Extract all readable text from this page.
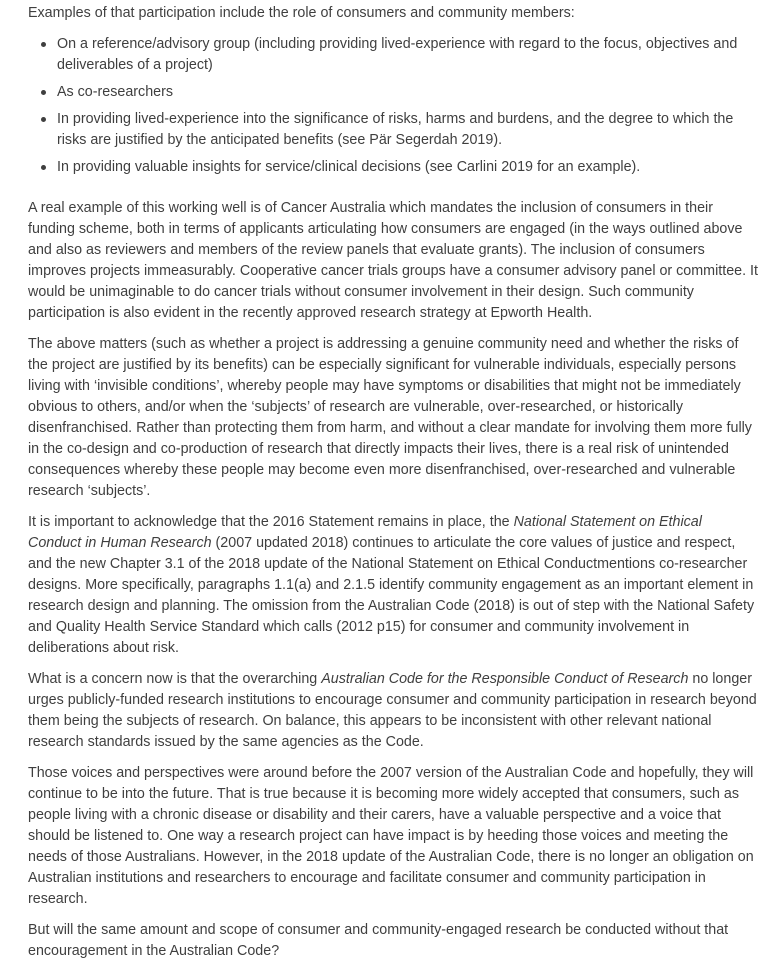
Examples of that participation include the role of consumers and community members:

On a reference/advisory group (including providing lived-experience with regard to the focus, objectives and deliverables of a project)
As co-researchers
In providing lived-experience into the significance of risks, harms and burdens, and the degree to which the risks are justified by the anticipated benefits (see Pär Segerdah 2019).
In providing valuable insights for service/clinical decisions (see Carlini 2019 for an example).

A real example of this working well is of Cancer Australia which mandates the inclusion of consumers in their funding scheme, both in terms of applicants articulating how consumers are engaged (in the ways outlined above and also as reviewers and members of the review panels that evaluate grants). The inclusion of consumers improves projects immeasurably. Cooperative cancer trials groups have a consumer advisory panel or committee. It would be unimaginable to do cancer trials without consumer involvement in their design. Such community participation is also evident in the recently approved research strategy at Epworth Health.

The above matters (such as whether a project is addressing a genuine community need and whether the risks of the project are justified by its benefits) can be especially significant for vulnerable individuals, especially persons living with ‘invisible conditions’, whereby people may have symptoms or disabilities that might not be immediately obvious to others, and/or when the ‘subjects’ of research are vulnerable, over-researched, or historically disenfranchised. Rather than protecting them from harm, and without a clear mandate for involving them more fully in the co-design and co-production of research that directly impacts their lives, there is a real risk of unintended consequences whereby these people may become even more disenfranchised, over-researched and vulnerable research ‘subjects’.

It is important to acknowledge that the 2016 Statement remains in place, the National Statement on Ethical Conduct in Human Research (2007 updated 2018) continues to articulate the core values of justice and respect, and the new Chapter 3.1 of the 2018 update of the National Statement on Ethical Conductmentions co-researcher designs. More specifically, paragraphs 1.1(a) and 2.1.5 identify community engagement as an important element in research design and planning. The omission from the Australian Code (2018) is out of step with the National Safety and Quality Health Service Standard which calls (2012 p15) for consumer and community involvement in deliberations about risk.

What is a concern now is that the overarching Australian Code for the Responsible Conduct of Research no longer urges publicly-funded research institutions to encourage consumer and community participation in research beyond them being the subjects of research. On balance, this appears to be inconsistent with other relevant national research standards issued by the same agencies as the Code.

Those voices and perspectives were around before the 2007 version of the Australian Code and hopefully, they will continue to be into the future. That is true because it is becoming more widely accepted that consumers, such as people living with a chronic disease or disability and their carers, have a valuable perspective and a voice that should be listened to. One way a research project can have impact is by heeding those voices and meeting the needs of those Australians. However, in the 2018 update of the Australian Code, there is no longer an obligation on Australian institutions and researchers to encourage and facilitate consumer and community participation in research.

But will the same amount and scope of consumer and community-engaged research be conducted without that encouragement in the Australian Code?
